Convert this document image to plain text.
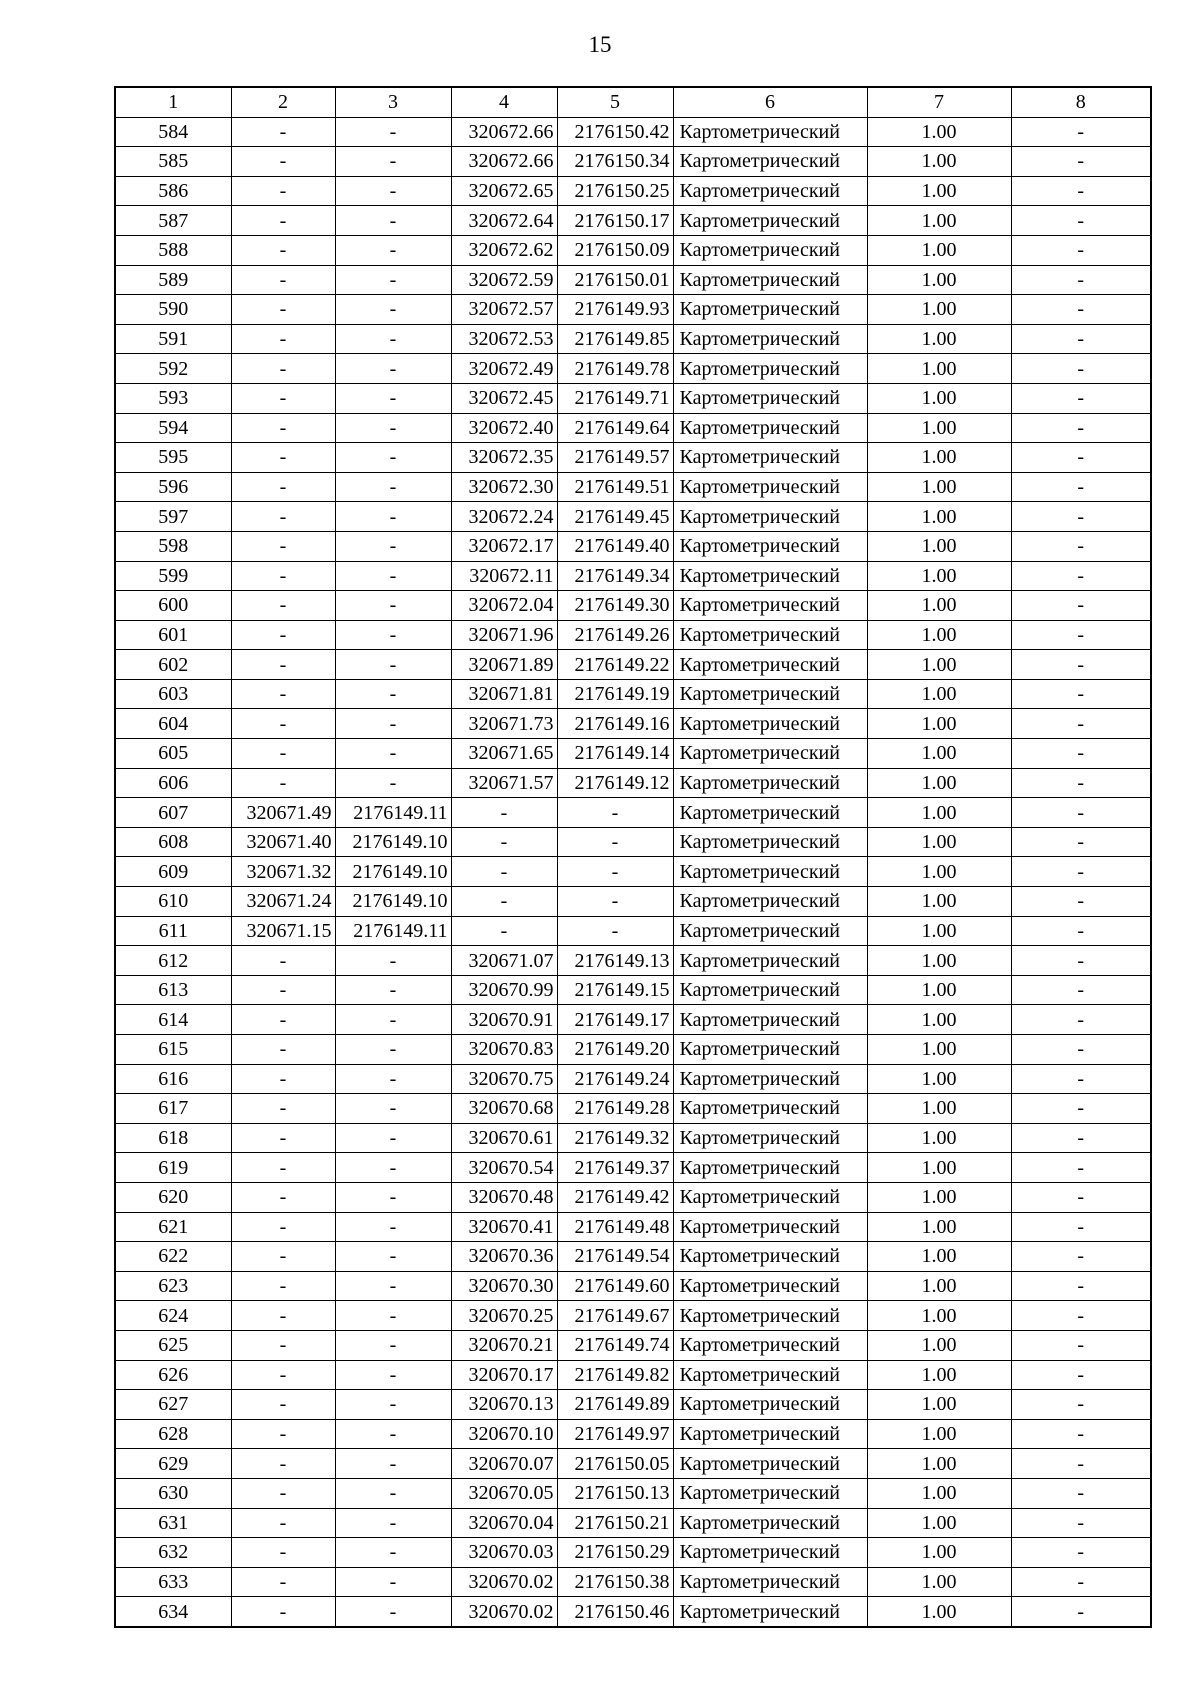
15
1	2	3	4	5	6	7	8
584	-	-	320672.66	2176150.42	Картометрический	1.00	-
585	-	-	320672.66	2176150.34	Картометрический	1.00	-
586	-	-	320672.65	2176150.25	Картометрический	1.00	-
587	-	-	320672.64	2176150.17	Картометрический	1.00	-
588	-	-	320672.62	2176150.09	Картометрический	1.00	-
589	-	-	320672.59	2176150.01	Картометрический	1.00	-
590	-	-	320672.57	2176149.93	Картометрический	1.00	-
591	-	-	320672.53	2176149.85	Картометрический	1.00	-
592	-	-	320672.49	2176149.78	Картометрический	1.00	-
593	-	-	320672.45	2176149.71	Картометрический	1.00	-
594	-	-	320672.40	2176149.64	Картометрический	1.00	-
595	-	-	320672.35	2176149.57	Картометрический	1.00	-
596	-	-	320672.30	2176149.51	Картометрический	1.00	-
597	-	-	320672.24	2176149.45	Картометрический	1.00	-
598	-	-	320672.17	2176149.40	Картометрический	1.00	-
599	-	-	320672.11	2176149.34	Картометрический	1.00	-
600	-	-	320672.04	2176149.30	Картометрический	1.00	-
601	-	-	320671.96	2176149.26	Картометрический	1.00	-
602	-	-	320671.89	2176149.22	Картометрический	1.00	-
603	-	-	320671.81	2176149.19	Картометрический	1.00	-
604	-	-	320671.73	2176149.16	Картометрический	1.00	-
605	-	-	320671.65	2176149.14	Картометрический	1.00	-
606	-	-	320671.57	2176149.12	Картометрический	1.00	-
607	320671.49	2176149.11	-	-	Картометрический	1.00	-
608	320671.40	2176149.10	-	-	Картометрический	1.00	-
609	320671.32	2176149.10	-	-	Картометрический	1.00	-
610	320671.24	2176149.10	-	-	Картометрический	1.00	-
611	320671.15	2176149.11	-	-	Картометрический	1.00	-
612	-	-	320671.07	2176149.13	Картометрический	1.00	-
613	-	-	320670.99	2176149.15	Картометрический	1.00	-
614	-	-	320670.91	2176149.17	Картометрический	1.00	-
615	-	-	320670.83	2176149.20	Картометрический	1.00	-
616	-	-	320670.75	2176149.24	Картометрический	1.00	-
617	-	-	320670.68	2176149.28	Картометрический	1.00	-
618	-	-	320670.61	2176149.32	Картометрический	1.00	-
619	-	-	320670.54	2176149.37	Картометрический	1.00	-
620	-	-	320670.48	2176149.42	Картометрический	1.00	-
621	-	-	320670.41	2176149.48	Картометрический	1.00	-
622	-	-	320670.36	2176149.54	Картометрический	1.00	-
623	-	-	320670.30	2176149.60	Картометрический	1.00	-
624	-	-	320670.25	2176149.67	Картометрический	1.00	-
625	-	-	320670.21	2176149.74	Картометрический	1.00	-
626	-	-	320670.17	2176149.82	Картометрический	1.00	-
627	-	-	320670.13	2176149.89	Картометрический	1.00	-
628	-	-	320670.10	2176149.97	Картометрический	1.00	-
629	-	-	320670.07	2176150.05	Картометрический	1.00	-
630	-	-	320670.05	2176150.13	Картометрический	1.00	-
631	-	-	320670.04	2176150.21	Картометрический	1.00	-
632	-	-	320670.03	2176150.29	Картометрический	1.00	-
633	-	-	320670.02	2176150.38	Картометрический	1.00	-
634	-	-	320670.02	2176150.46	Картометрический	1.00	-
